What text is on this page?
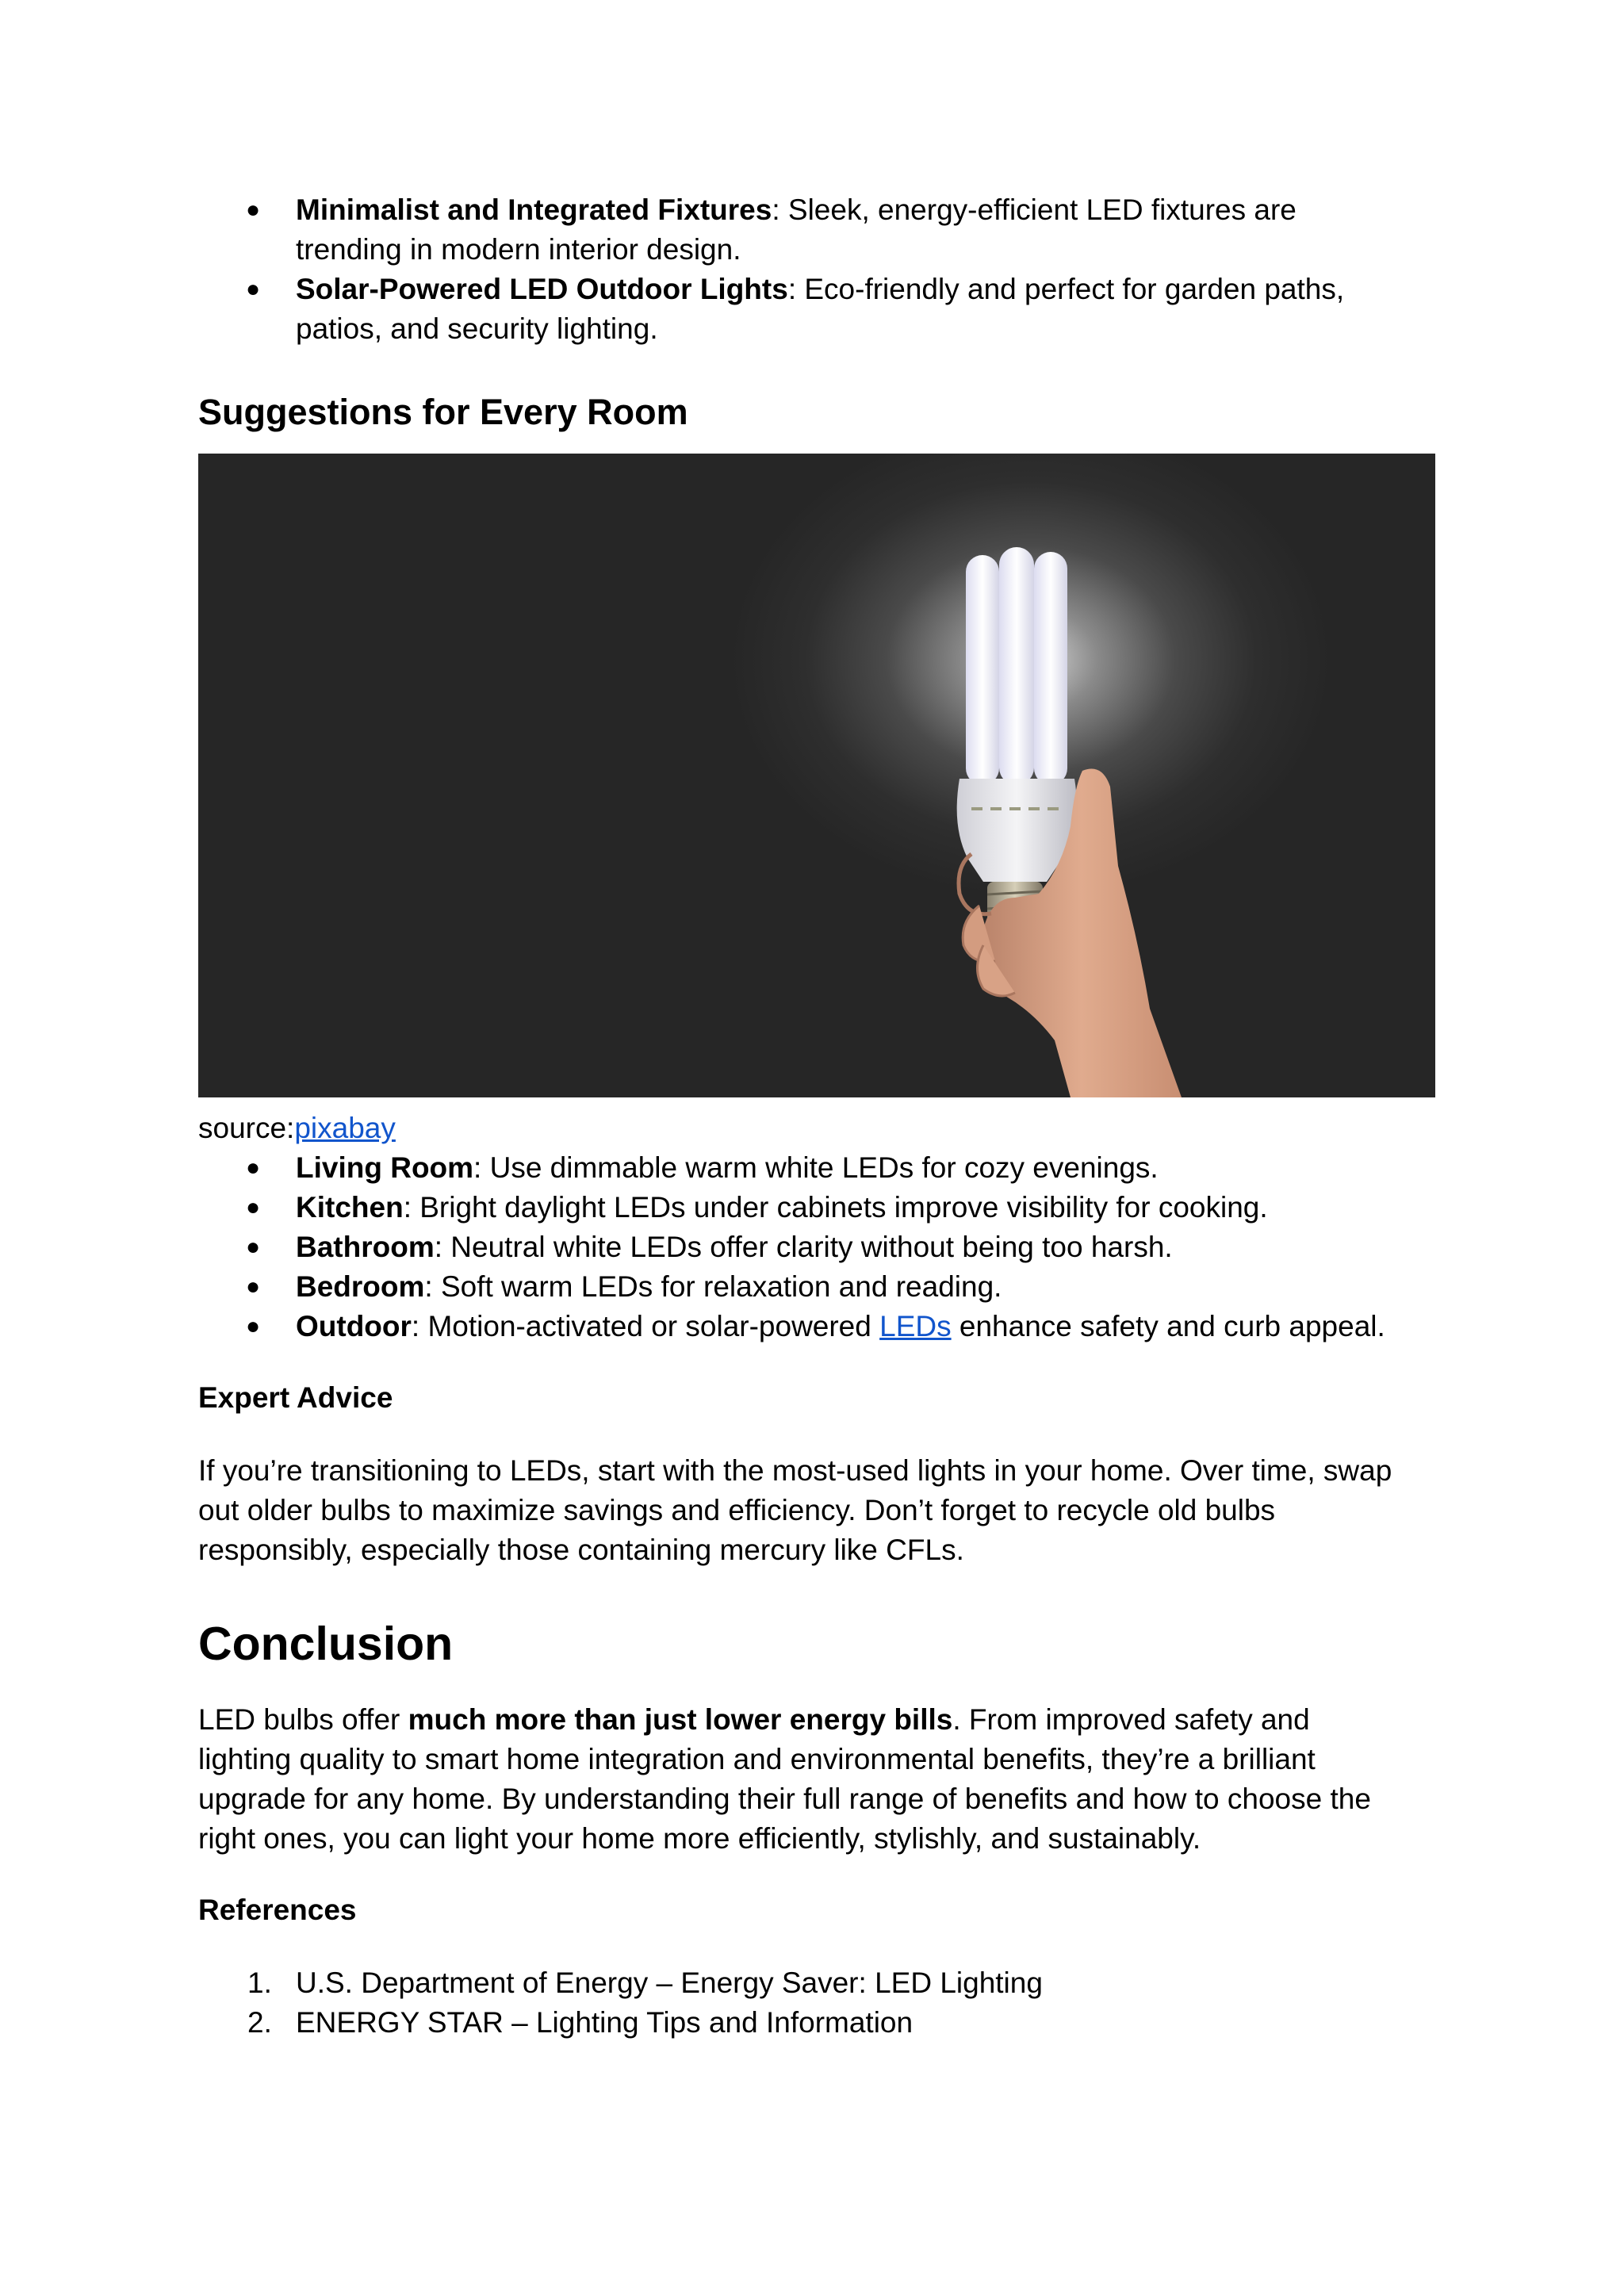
● Minimalist and Integrated Fixtures: Sleek, energy-efficient LED fixtures are
trending in modern interior design.
● Solar-Powered LED Outdoor Lights: Eco-friendly and perfect for garden paths,
patios, and security lighting.
Suggestions for Every Room
source:pixabay
● Living Room: Use dimmable warm white LEDs for cozy evenings.
● Kitchen: Bright daylight LEDs under cabinets improve visibility for cooking.
● Bathroom: Neutral white LEDs offer clarity without being too harsh.
● Bedroom: Soft warm LEDs for relaxation and reading.
● Outdoor: Motion-activated or solar-powered LEDs enhance safety and curb appeal.
Expert Advice

If you’re transitioning to LEDs, start with the most-used lights in your home. Over time, swap
out older bulbs to maximize savings and efficiency. Don’t forget to recycle old bulbs
responsibly, especially those containing mercury like CFLs.

Conclusion

LED bulbs offer much more than just lower energy bills. From improved safety and
lighting quality to smart home integration and environmental benefits, they’re a brilliant
upgrade for any home. By understanding their full range of benefits and how to choose the
right ones, you can light your home more efficiently, stylishly, and sustainably.

References
1. U.S. Department of Energy – Energy Saver: LED Lighting
2. ENERGY STAR – Lighting Tips and Information
